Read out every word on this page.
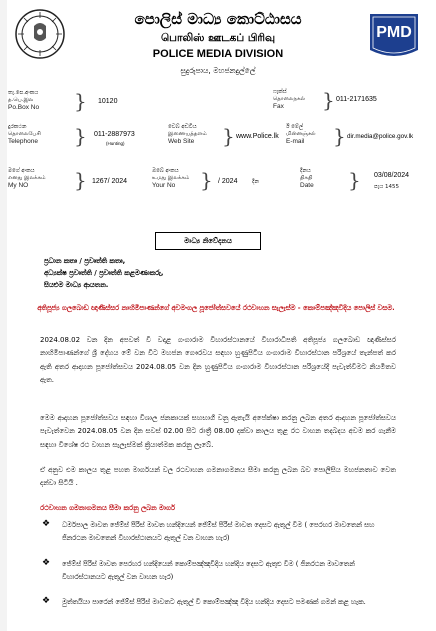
PMD
පොලිස් මාධ්‍ය කොට්ඨාසය
பொலிஸ் ஊடகப் பிரிவு
POLICE MEDIA DIVISION
සුදුරුපාය, මහජනදුල්ලේ
තැ.පෙ.අංකය
த.பெ.இல
Po.Box No } 10120
ෆැක්ස්
தொலைநகல்
Fax	} 011-2171635
දුරකථන
தொலைபேசி
Telephone } 011-2887973
(Hunting)
වෙබ් අඩවිය
இணையத்தளம்
Web Site	} www.Police.lk
ඊ මේල්
மின்னஞ்சல்
E-mail	} dir.media@police.gov.lk
මගේ අංකය
எனது இலக்கம்
My NO	} 1267/ 2024
ඔබේ අංකය
உமது இலக்கம்
Your No	} / 2024	දින
දිනය
திகதி
Date } 03/08/2024
පැය 1455
මාධ්‍ය නිවේදනය
ප්‍රධාන කතෘ / ප්‍රවෘත්ති කතෘ,
අධ්‍යක්ෂ ප්‍රවෘත්ති / ප්‍රවෘත්ති කළමණාකරු,
සියළුම මාධ්‍ය ආයතන.
අතිපූජ්‍ය ගලබොඩ ඥාණිස්සර නාහිමිපාණන්ගේ අවමංගල පූජෝත්සවයේ රථවාහන සැලැස්ම - කොම්පඤ්ඤවීදිය පොලිස් වසම.
2024.08.02 වන දින අපවත් වී වදාළ ගංගාරාම විහාරස්ථානයේ විහාරාධිපති අතිපූජ්‍ය ගලබොඩ ඥාණිස්සර නාහිමිපාණන්ගේ ශ්‍රී දේහය මේ වන විට මහජන ගෞරවය සඳහා හුණුපිටිය ගංගාරාම විහාරස්ථාන පරිශ්‍රයේ තැන්පත් කර ඇති අතර ආදාහන පූජෝත්සවය 2024.08.05 වන දින හුණුපිටිය ගංගාරාම විහාරස්ථාන පරිශ්‍රයේදී පැවැත්වීමට නියමිතව ඇත.
මෙම ආදාහන පූජෝත්සවය සඳහා විශාල ජනකායක් සහභාගී වනු ඇතැයි අපේක්ෂා කරනු ලබන අතර ආදාහන පූජෝත්සවය පැවැත්වෙන 2024.08.05 වන දින සවස් 02.00 සිට රාත්‍රී 08.00 දක්වා කාලය තුළ රථ වාහන තදබදය අවම කර ගැනීම සඳහා විශේෂ රථ වාහන සැලැස්මක් ක්‍රියාත්මක කරනු ලැබේ.
ඒ අනුව එම කාලය තුළ පහත මාර්ගයන් වල රථවාහන ගමනාගමනය සීමා කරනු ලබන බව පොලිසිය මහජනතාව වෙත දන්වා සිටියි .
රථවාහන ගමනාගමනය සීමා කරනු ලබන මාර්ග
❖ ධර්මපාල මාවත ජේම්ස් පීරිස් මාවත හන්දියෙන් ජේම්ස් පීරිස් මාවත දෙසට ඇතුල් වීම ( පෙරහර මාවතෙන් සහ ජිනරථන මාවතෙන් විහාරස්ථානයට ඇතුල් වන වාහන හැර)
❖ ජේම්ස් පීරිස් මාවත පෙරහර හන්දියෙන් කොම්පඤ්ඤවීදිය හන්දිය දෙසට ඇතුළු වීම ( ජිනරථන මාවතෙන් විහාරස්ථානයට ඇතුල් වන වාහන හැර)
❖ මුත්තයියා පාරෙන් ජේම්ස් පීරිස් මාවතට ඇතුල් වී කොම්පඤ්ඤ වීදිය හන්දිය දෙසට පමණක් ගමන් කළ හැක.
